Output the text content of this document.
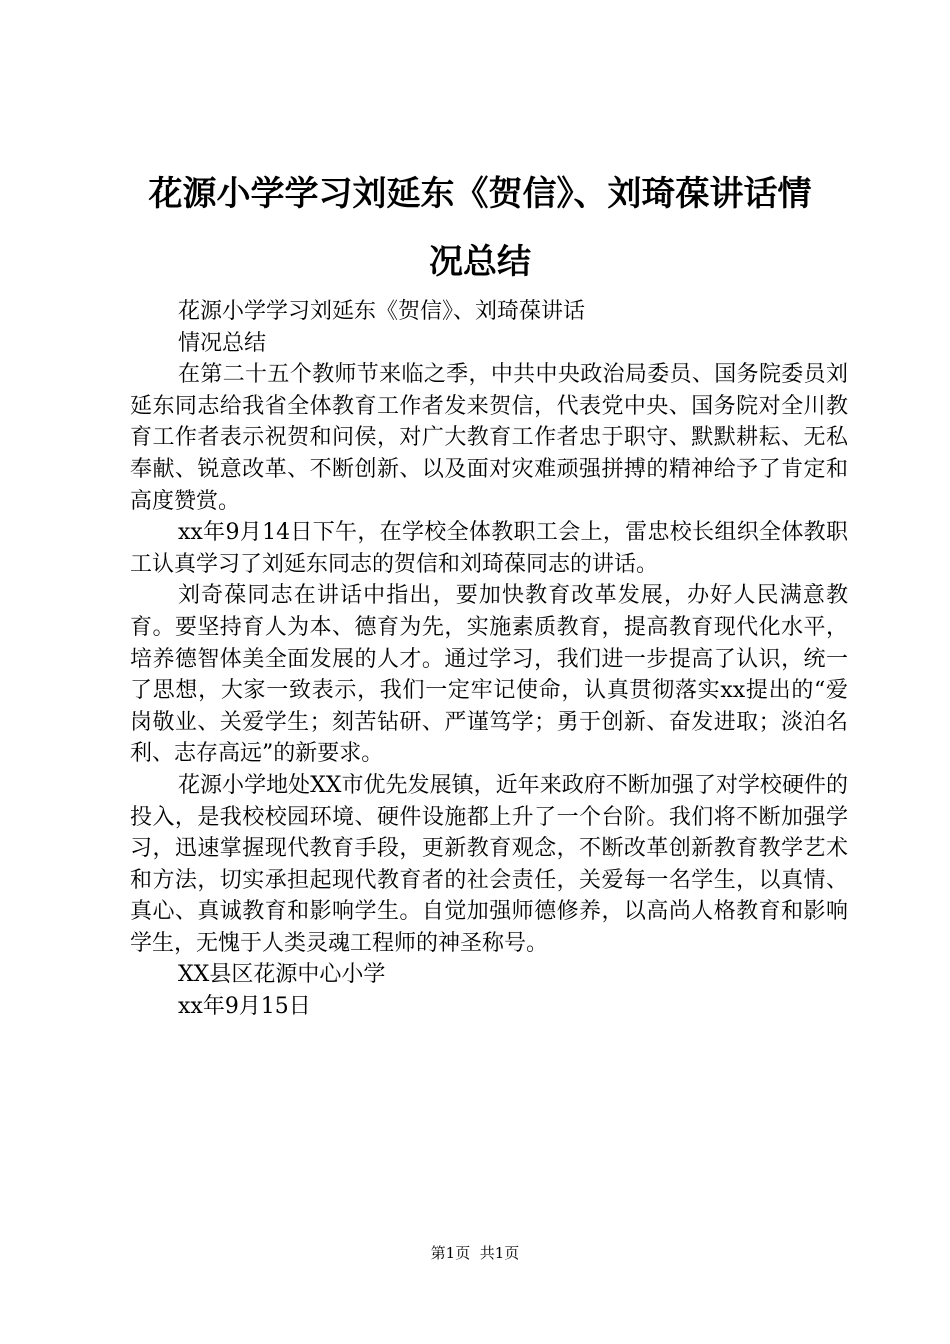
花源小学学习刘延东《贺信》、刘琦葆讲话情
况总结

花源小学学习刘延东《贺信》、刘琦葆讲话

情况总结

在第二十五个教师节来临之季，中共中央政治局委员、国务院委员刘延东同志给我省全体教育工作者发来贺信，代表党中央、国务院对全川教育工作者表示祝贺和问侯，对广大教育工作者忠于职守、默默耕耘、无私奉献、锐意改革、不断创新、以及面对灾难顽强拼搏的精神给予了肯定和高度赞赏。

xx年9月14日下午，在学校全体教职工会上，雷忠校长组织全体教职工认真学习了刘延东同志的贺信和刘琦葆同志的讲话。

刘奇葆同志在讲话中指出，要加快教育改革发展，办好人民满意教育。要坚持育人为本、德育为先，实施素质教育，提高教育现代化水平，培养德智体美全面发展的人才。通过学习，我们进一步提高了认识，统一了思想，大家一致表示，我们一定牢记使命，认真贯彻落实xx提出的“爱岗敬业、关爱学生；刻苦钻研、严谨笃学；勇于创新、奋发进取；淡泊名利、志存高远”的新要求。

花源小学地处XX市优先发展镇，近年来政府不断加强了对学校硬件的投入，是我校校园环境、硬件设施都上升了一个台阶。我们将不断加强学习，迅速掌握现代教育手段，更新教育观念，不断改革创新教育教学艺术和方法，切实承担起现代教育者的社会责任，关爱每一名学生，以真情、真心、真诚教育和影响学生。自觉加强师德修养，以高尚人格教育和影响学生，无愧于人类灵魂工程师的神圣称号。

XX县区花源中心小学

xx年9月15日

第1页 共1页
